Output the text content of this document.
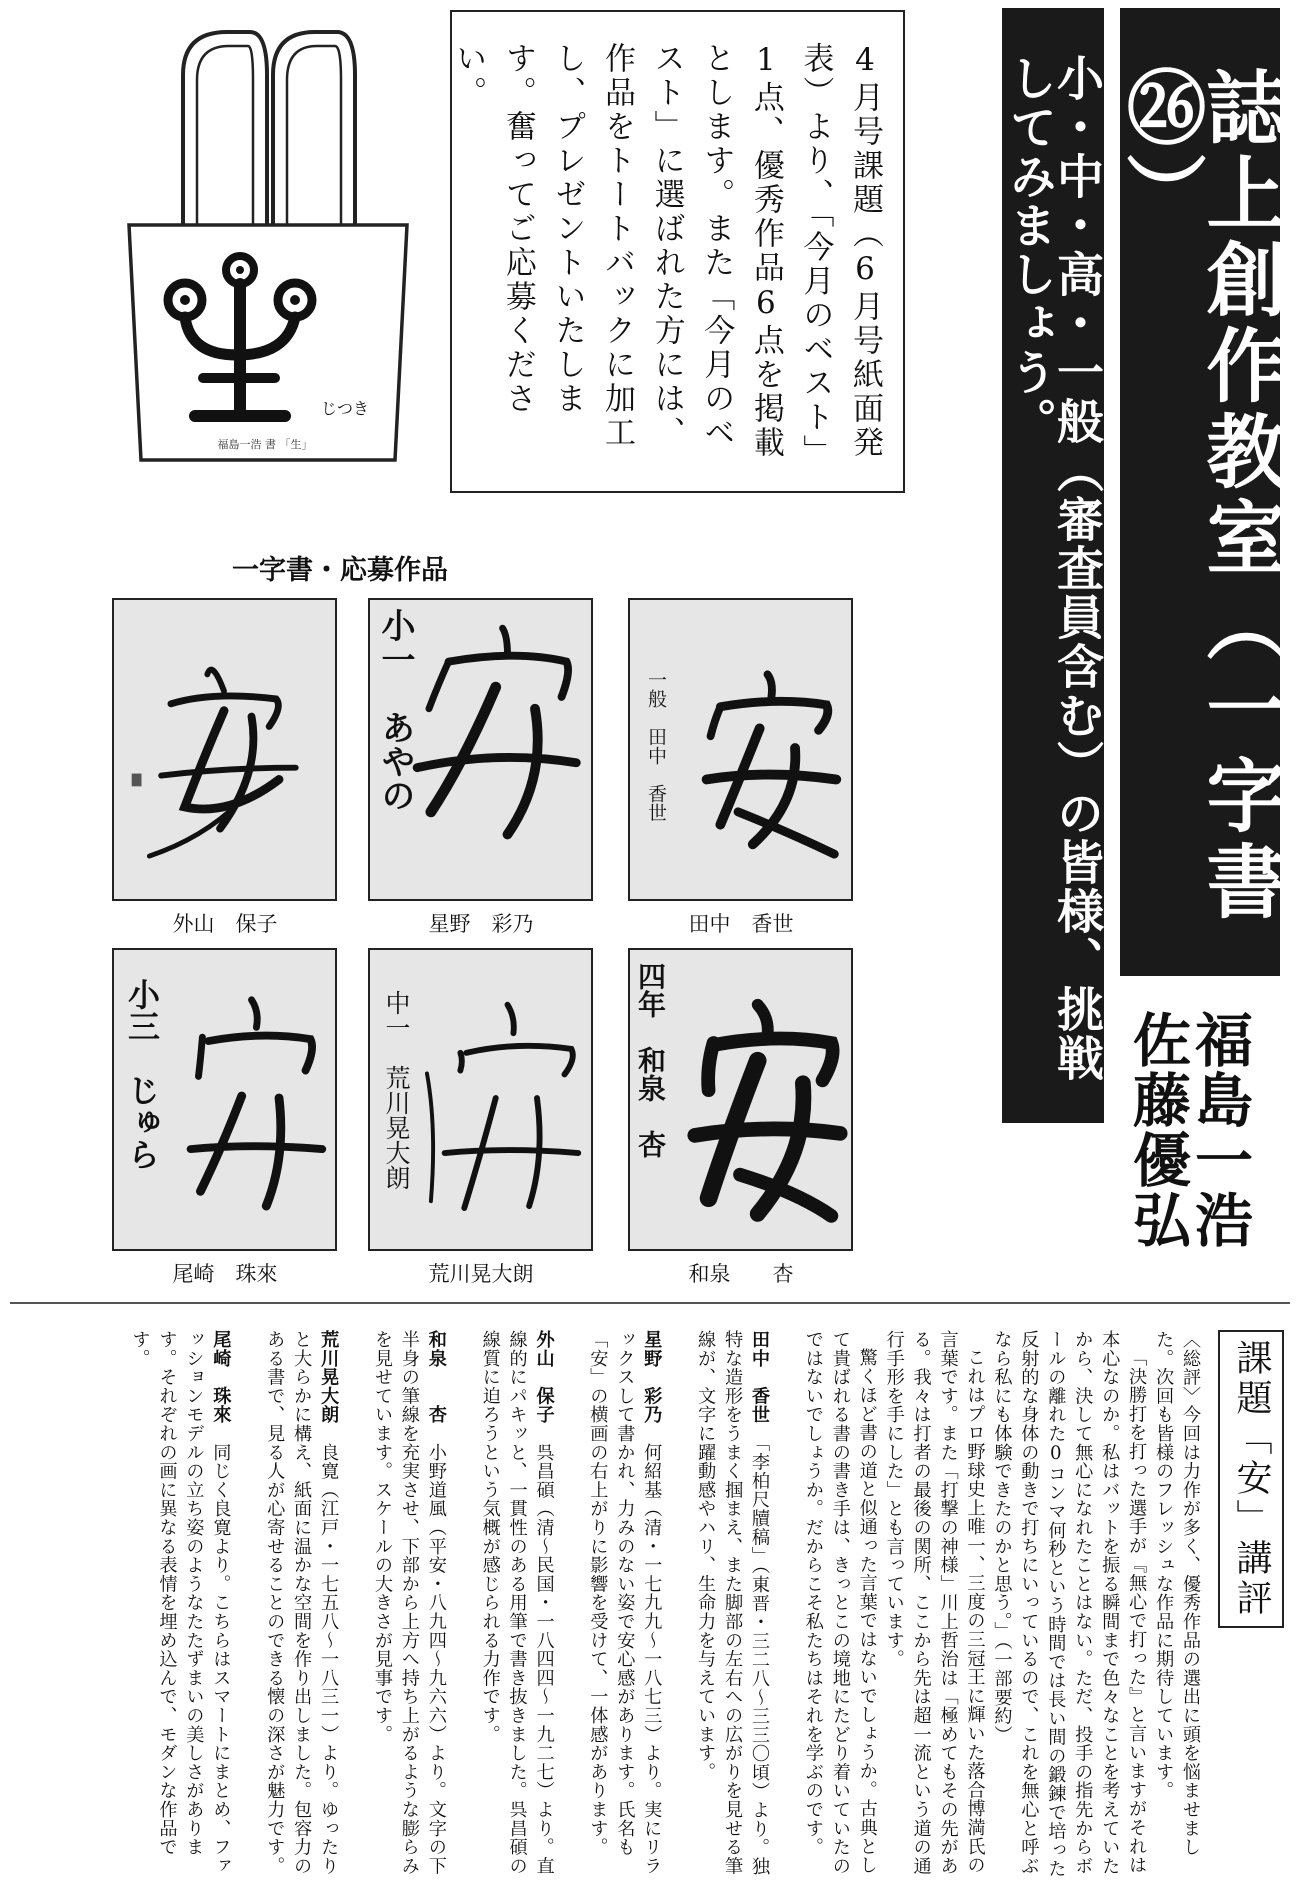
誌上創作教室（一字書㉖）
小・中・高・一般（審査員含む）の皆様、挑戦してみましょう。
福島一浩
佐藤優弘
4月号課題（6月号紙面発表）より、「今月のベスト」1点、優秀作品6点を掲載とします。また「今月のベスト」に選ばれた方には、作品をトートバックに加工し、プレゼントいたします。奮ってご応募ください。
じつき
福島一浩 書 「生」
一字書・応募作品
外山　保子
小一　あやの
星野　彩乃
一般　田中　香世
田中　香世
小三　じゅら
尾崎　珠來
中一　荒川晃大朗
荒川晃大朗
四年　和泉　杏
和泉　　杏
課題「安」講評

〈総評〉今回は力作が多く、優秀作品の選出に頭を悩ませました。次回も皆様のフレッシュな作品に期待しています。

「決勝打を打った選手が『無心で打った』と言いますがそれは本心なのか。私はバットを振る瞬間まで色々なことを考えていたから、決して無心になれたことはない。ただ、投手の指先からボールの離れた0コンマ何秒という時間では長い間の鍛錬で培った反射的な身体の動きで打ちにいっているので、これを無心と呼ぶなら私にも体験できたのかと思う。」（一部要約）

これはプロ野球史上唯一、三度の三冠王に輝いた落合博満氏の言葉です。また「打撃の神様」川上哲治は「極めてもその先がある。我々は打者の最後の関所、ここから先は超一流という道の通行手形を手にした」とも言っています。

驚くほど書の道と似通った言葉ではないでしょうか。古典として貴ばれる書の書き手は、きっとこの境地にたどり着いていたのではないでしょうか。だからこそ私たちはそれを学ぶのです。

田中　香世　「李柏尺牘稿」（東晋・三二八～三三〇頃）より。独特な造形をうまく掴まえ、また脚部の左右への広がりを見せる筆線が、文字に躍動感やハリ、生命力を与えています。

星野　彩乃　何紹基（清・一七九九～一八七三）より。実にリラックスして書かれ、力みのない姿で安心感があります。氏名も「安」の横画の右上がりに影響を受けて、一体感があります。

外山　保子　呉昌碩（清～民国・一八四四～一九二七）より。直線的にパキッと、一貫性のある用筆で書き抜きました。呉昌碩の線質に迫ろうという気概が感じられる力作です。

和泉　　杏　小野道風（平安・八九四～九六六）より。文字の下半身の筆線を充実させ、下部から上方へ持ち上がるような膨らみを見せています。スケールの大きさが見事です。

荒川晃大朗　良寛（江戸・一七五八～一八三一）より。ゆったりと大らかに構え、紙面に温かな空間を作り出しました。包容力のある書で、見る人が心寄せることのできる懐の深さが魅力です。

尾崎　珠來　同じく良寛より。こちらはスマートにまとめ、ファッションモデルの立ち姿のようなたたずまいの美しさがあります。それぞれの画に異なる表情を埋め込んで、モダンな作品です。
